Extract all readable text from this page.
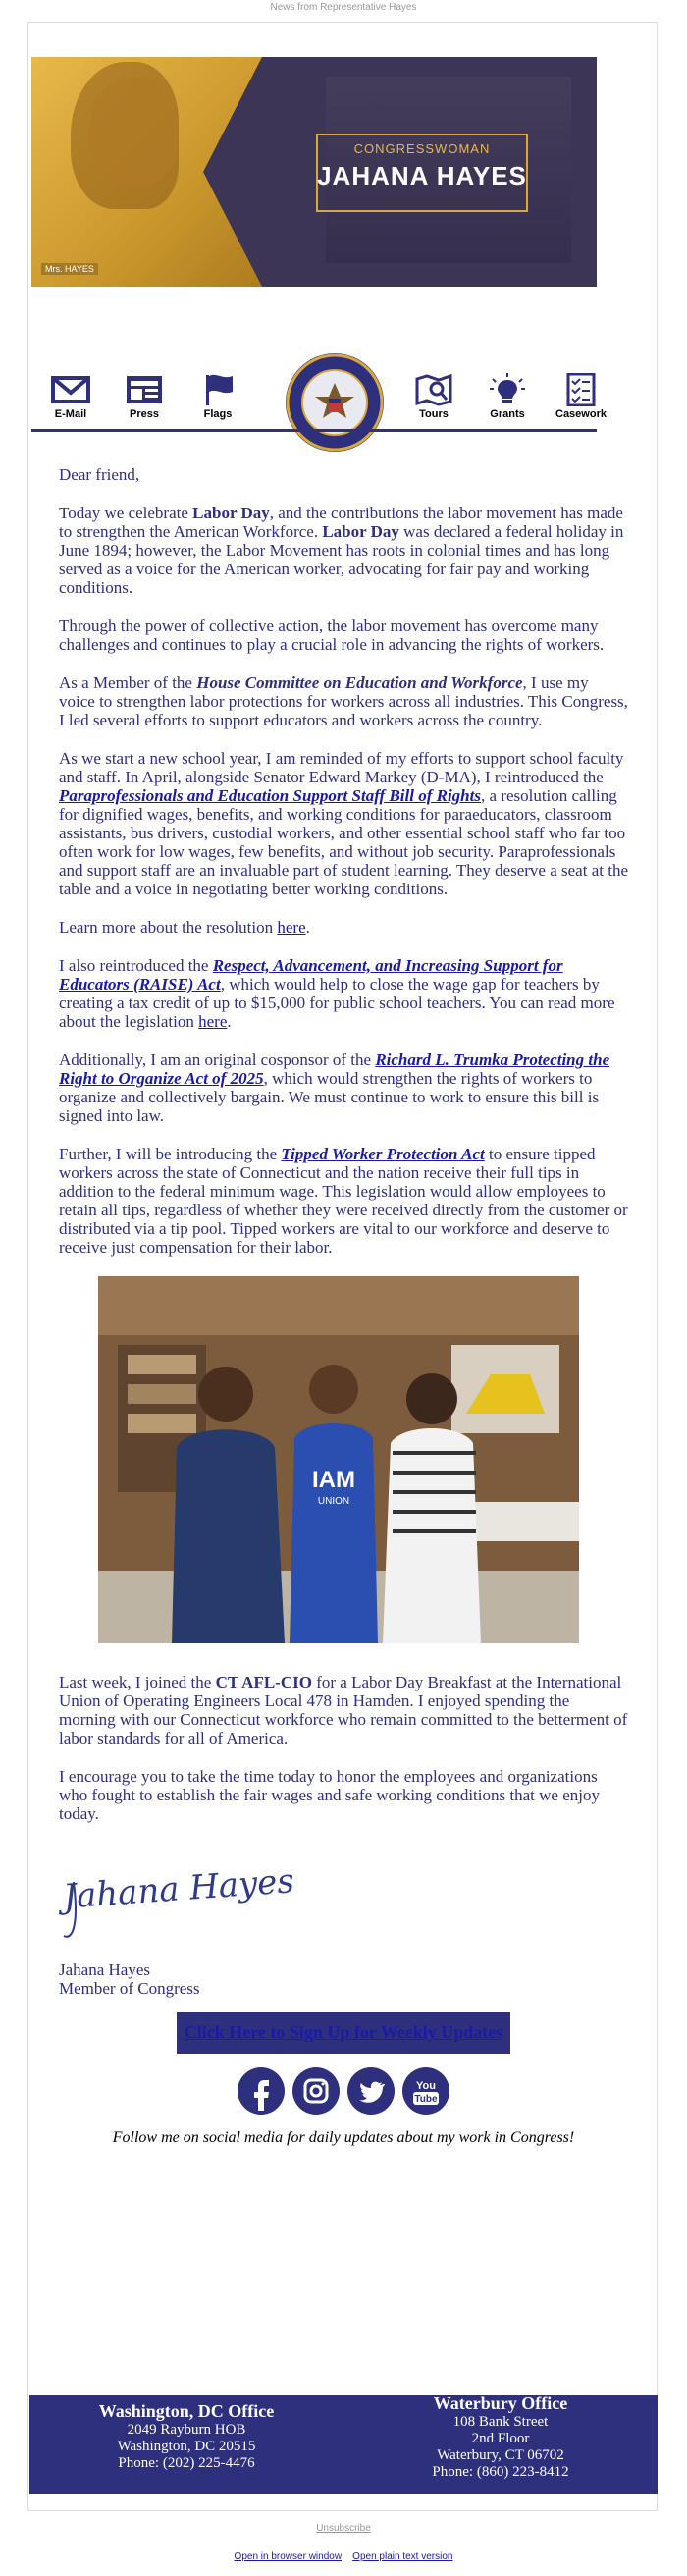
News from Representative Hayes
Mrs. HAYES
CONGRESSWOMAN
JAHANA HAYES
E-Mail	Press	Flags	Tours	Grants	Casework

Dear friend,

Today we celebrate Labor Day, and the contributions the labor movement has made to strengthen the American Workforce. Labor Day was declared a federal holiday in June 1894; however, the Labor Movement has roots in colonial times and has long served as a voice for the American worker, advocating for fair pay and working conditions.

Through the power of collective action, the labor movement has overcome many challenges and continues to play a crucial role in advancing the rights of workers.

As a Member of the House Committee on Education and Workforce, I use my voice to strengthen labor protections for workers across all industries. This Congress, I led several efforts to support educators and workers across the country.

As we start a new school year, I am reminded of my efforts to support school faculty and staff. In April, alongside Senator Edward Markey (D-MA), I reintroduced the Paraprofessionals and Education Support Staff Bill of Rights, a resolution calling for dignified wages, benefits, and working conditions for paraeducators, classroom assistants, bus drivers, custodial workers, and other essential school staff who far too often work for low wages, few benefits, and without job security. Paraprofessionals and support staff are an invaluable part of student learning. They deserve a seat at the table and a voice in negotiating better working conditions.

Learn more about the resolution here.

I also reintroduced the Respect, Advancement, and Increasing Support for Educators (RAISE) Act, which would help to close the wage gap for teachers by creating a tax credit of up to $15,000 for public school teachers. You can read more about the legislation here.

Additionally, I am an original cosponsor of the Richard L. Trumka Protecting the Right to Organize Act of 2025, which would strengthen the rights of workers to organize and collectively bargain. We must continue to work to ensure this bill is signed into law.

Further, I will be introducing the Tipped Worker Protection Act to ensure tipped workers across the state of Connecticut and the nation receive their full tips in addition to the federal minimum wage. This legislation would allow employees to retain all tips, regardless of whether they were received directly from the customer or distributed via a tip pool. Tipped workers are vital to our workforce and deserve to receive just compensation for their labor.

IAM
UNION

Last week, I joined the CT AFL-CIO for a Labor Day Breakfast at the International Union of Operating Engineers Local 478 in Hamden. I enjoyed spending the morning with our Connecticut workforce who remain committed to the betterment of labor standards for all of America.

I encourage you to take the time today to honor the employees and organizations who fought to establish the fair wages and safe working conditions that we enjoy today.

Jahana Hayes
Jahana Hayes
Member of Congress
Click Here to Sign Up for Weekly Updates

You
Tube
Follow me on social media for daily updates about my work in Congress!
Washington, DC Office
2049 Rayburn HOB
Washington, DC 20515
Phone: (202) 225-4476
Waterbury Office
108 Bank Street
2nd Floor
Waterbury, CT 06702
Phone: (860) 223-8412
Unsubscribe
Open in browser window Open plain text version
